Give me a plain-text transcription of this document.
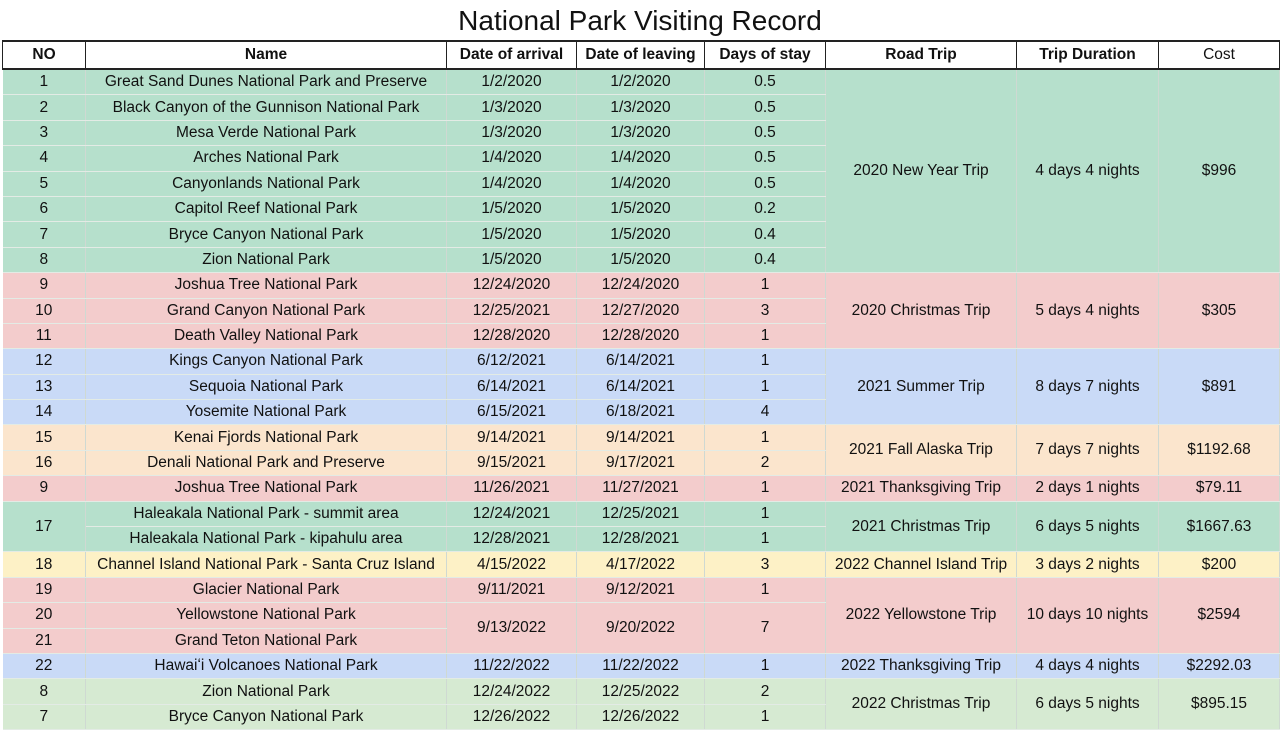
National Park Visiting Record
NO	Name	Date of arrival	Date of leaving	Days of stay	Road Trip	Trip Duration	Cost
1	Great Sand Dunes National Park and Preserve	1/2/2020	1/2/2020	0.5	2020 New Year Trip	4 days 4 nights	$996
2	Black Canyon of the Gunnison National Park	1/3/2020	1/3/2020	0.5			
3	Mesa Verde National Park	1/3/2020	1/3/2020	0.5			
4	Arches National Park	1/4/2020	1/4/2020	0.5			
5	Canyonlands National Park	1/4/2020	1/4/2020	0.5			
6	Capitol Reef National Park	1/5/2020	1/5/2020	0.2			
7	Bryce Canyon National Park	1/5/2020	1/5/2020	0.4			
8	Zion National Park	1/5/2020	1/5/2020	0.4			
9	Joshua Tree National Park	12/24/2020	12/24/2020	1	2020 Christmas Trip	5 days 4 nights	$305
10	Grand Canyon National Park	12/25/2021	12/27/2020	3			
11	Death Valley National Park	12/28/2020	12/28/2020	1			
12	Kings Canyon National Park	6/12/2021	6/14/2021	1	2021 Summer Trip	8 days 7 nights	$891
13	Sequoia National Park	6/14/2021	6/14/2021	1			
14	Yosemite National Park	6/15/2021	6/18/2021	4			
15	Kenai Fjords National Park	9/14/2021	9/14/2021	1	2021 Fall Alaska Trip	7 days 7 nights	$1192.68
16	Denali National Park and Preserve	9/15/2021	9/17/2021	2			
9	Joshua Tree National Park	11/26/2021	11/27/2021	1	2021 Thanksgiving Trip	2 days 1 nights	$79.11
17	Haleakala National Park - summit area	12/24/2021	12/25/2021	1	2021 Christmas Trip	6 days 5 nights	$1667.63
	Haleakala National Park - kipahulu area	12/28/2021	12/28/2021	1			
18	Channel Island National Park - Santa Cruz Island	4/15/2022	4/17/2022	3	2022 Channel Island Trip	3 days 2 nights	$200
19	Glacier National Park	9/11/2021	9/12/2021	1	2022 Yellowstone Trip	10 days 10 nights	$2594
20	Yellowstone National Park	9/13/2022	9/20/2022	7			
21	Grand Teton National Park						
22	Hawaiʻi Volcanoes National Park	11/22/2022	11/22/2022	1	2022 Thanksgiving Trip	4 days 4 nights	$2292.03
8	Zion National Park	12/24/2022	12/25/2022	2	2022 Christmas Trip	6 days 5 nights	$895.15
7	Bryce Canyon National Park	12/26/2022	12/26/2022	1			
